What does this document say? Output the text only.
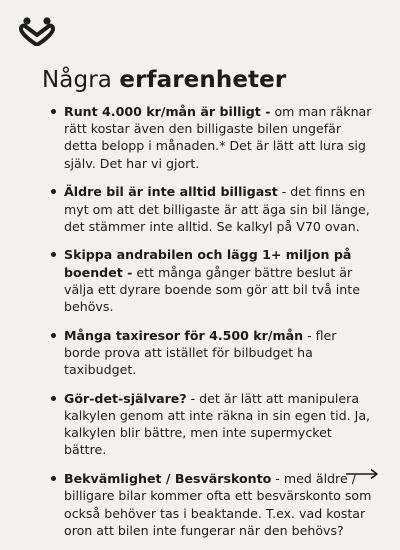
Några erfarenheter
Runt 4.000 kr/mån är billigt - om man räknar rätt kostar även den billigaste bilen ungefär detta belopp i månaden.* Det är lätt att lura sig själv. Det har vi gjort.
Äldre bil är inte alltid billigast - det finns en myt om att det billigaste är att äga sin bil länge, det stämmer inte alltid. Se kalkyl på V70 ovan.
Skippa andrabilen och lägg 1+ miljon på boendet - ett många gånger bättre beslut är välja ett dyrare boende som gör att bil två inte behövs.
Många taxiresor för 4.500 kr/mån - fler borde prova att istället för bilbudget ha taxibudget.
Gör-det-självare? - det är lätt att manipulera kalkylen genom att inte räkna in sin egen tid. Ja, kalkylen blir bättre, men inte supermycket bättre.
Bekvämlighet / Besvärskonto - med äldre / billigare bilar kommer ofta ett besvärskonto som också behöver tas i beaktande. T.ex. vad kostar oron att bilen inte fungerar när den behövs?
